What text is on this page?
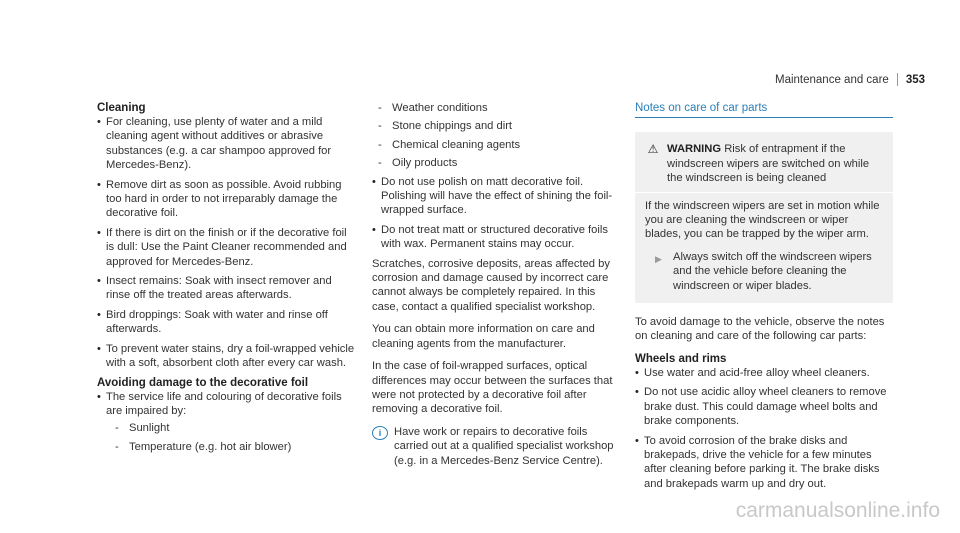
Maintenance and care 353
Cleaning
• For cleaning, use plenty of water and a mild cleaning agent without additives or abrasive substances (e.g. a car shampoo approved for Mercedes-Benz).
• Remove dirt as soon as possible. Avoid rubbing too hard in order to not irreparably damage the decorative foil.
• If there is dirt on the finish or if the decorative foil is dull: Use the Paint Cleaner recommended and approved for Mercedes-Benz.
• Insect remains: Soak with insect remover and rinse off the treated areas afterwards.
• Bird droppings: Soak with water and rinse off afterwards.
• To prevent water stains, dry a foil-wrapped vehicle with a soft, absorbent cloth after every car wash.
Avoiding damage to the decorative foil
• The service life and colouring of decorative foils are impaired by:
- Sunlight
- Temperature (e.g. hot air blower)
- Weather conditions
- Stone chippings and dirt
- Chemical cleaning agents
- Oily products
• Do not use polish on matt decorative foil. Polishing will have the effect of shining the foil-wrapped surface.
• Do not treat matt or structured decorative foils with wax. Permanent stains may occur.

Scratches, corrosive deposits, areas affected by corrosion and damage caused by incorrect care cannot always be completely repaired. In this case, contact a qualified specialist workshop.

You can obtain more information on care and cleaning agents from the manufacturer.

In the case of foil-wrapped surfaces, optical differences may occur between the surfaces that were not protected by a decorative foil after removing a decorative foil.

i	Have work or repairs to decorative foils carried out at a qualified specialist workshop (e.g. in a Mercedes-Benz Service Centre).
Notes on care of car parts
⚠ WARNING Risk of entrapment if the windscreen wipers are switched on while the windscreen is being cleaned
If the windscreen wipers are set in motion while you are cleaning the windscreen or wiper blades, you can be trapped by the wiper arm.
▶ Always switch off the windscreen wipers and the vehicle before cleaning the windscreen or wiper blades.

To avoid damage to the vehicle, observe the notes on cleaning and care of the following car parts:

Wheels and rims
• Use water and acid-free alloy wheel cleaners.
• Do not use acidic alloy wheel cleaners to remove brake dust. This could damage wheel bolts and brake components.
• To avoid corrosion of the brake disks and brakepads, drive the vehicle for a few minutes after cleaning before parking it. The brake disks and brakepads warm up and dry out.
carmanualsonline.info
